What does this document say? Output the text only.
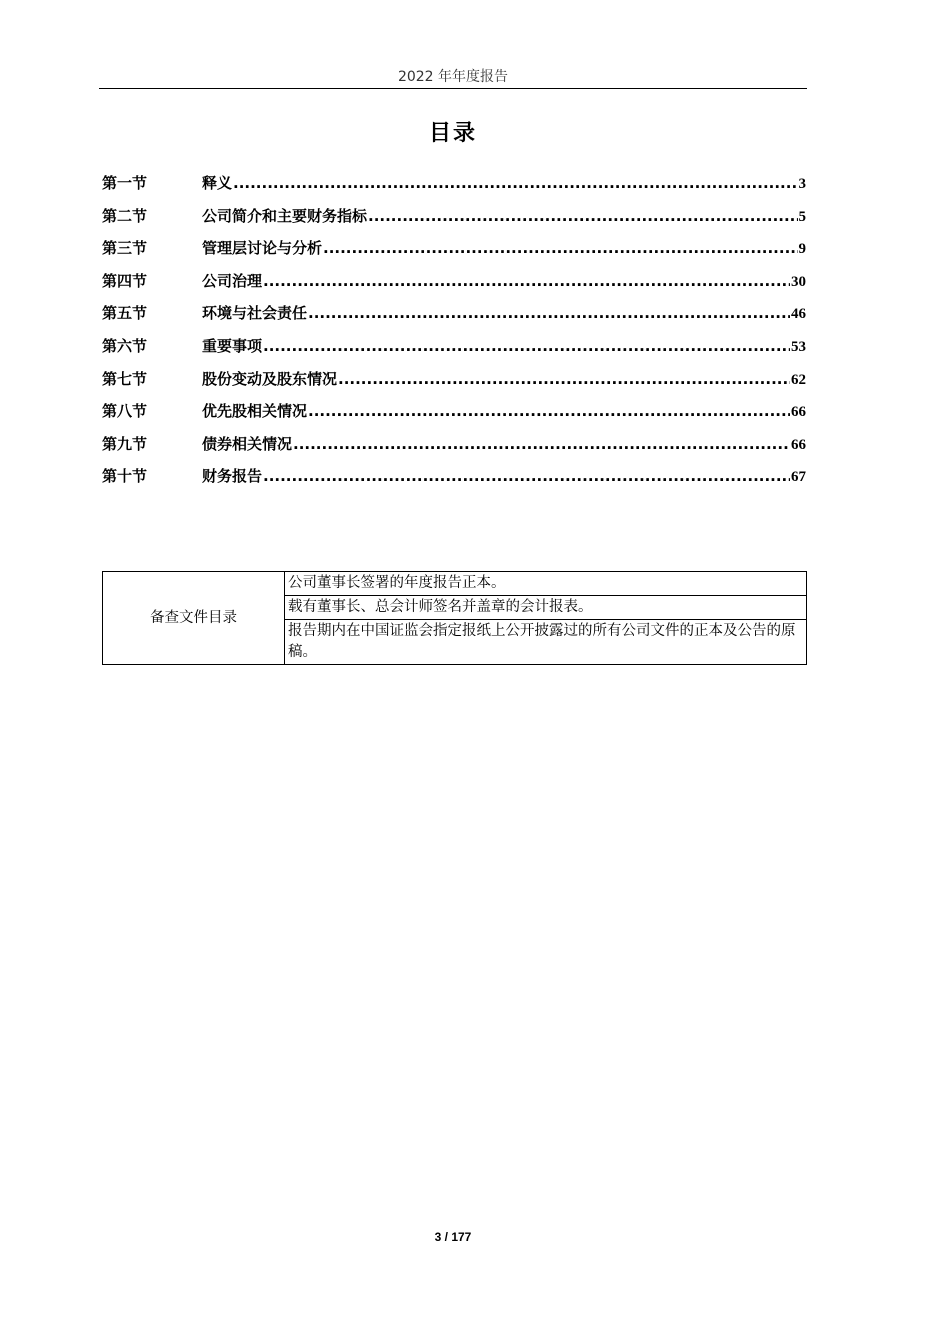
2022 年年度报告
目录
第一节	释义 .....	3
第二节	公司简介和主要财务指标 .....	5
第三节	管理层讨论与分析 .....	9
第四节	公司治理 .....	30
第五节	环境与社会责任 .....	46
第六节	重要事项 .....	53
第七节	股份变动及股东情况 .....	62
第八节	优先股相关情况 .....	66
第九节	债券相关情况 .....	66
第十节	财务报告 .....	67
备查文件目录	公司董事长签署的年度报告正本。
载有董事长、总会计师签名并盖章的会计报表。
报告期内在中国证监会指定报纸上公开披露过的所有公司文件的正本及公告的原稿。
3 / 177
